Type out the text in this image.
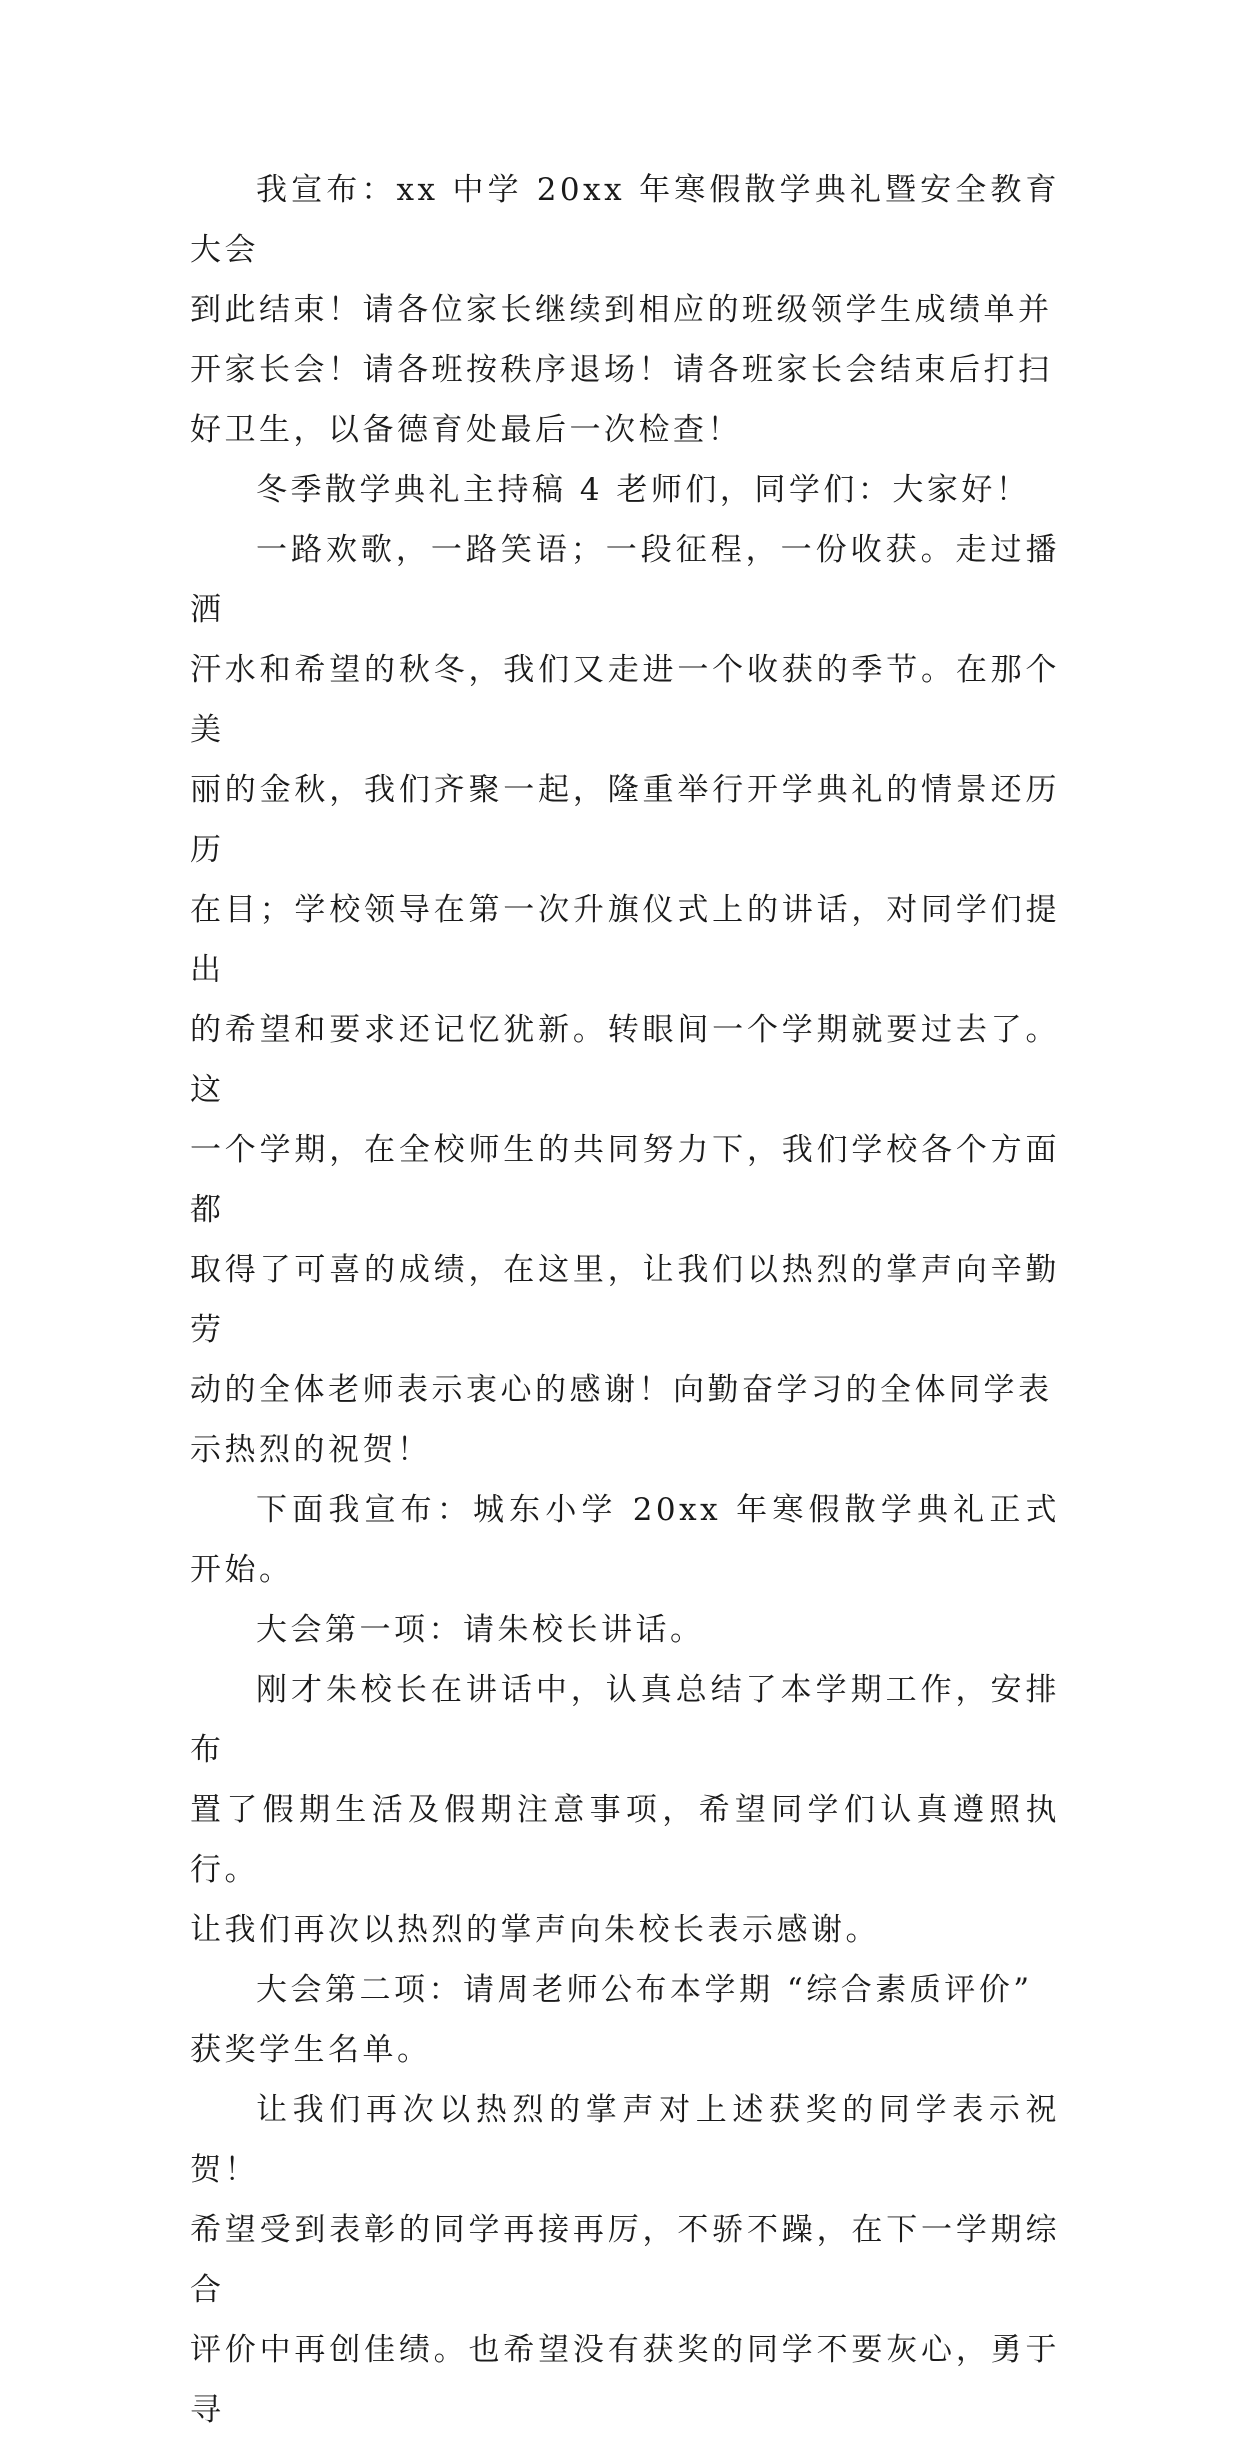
我宣布：xx 中学 20xx 年寒假散学典礼暨安全教育大会
到此结束！请各位家长继续到相应的班级领学生成绩单并
开家长会！请各班按秩序退场！请各班家长会结束后打扫
好卫生，以备德育处最后一次检查！

冬季散学典礼主持稿 4 老师们，同学们：大家好！

一路欢歌，一路笑语；一段征程，一份收获。走过播洒
汗水和希望的秋冬，我们又走进一个收获的季节。在那个美
丽的金秋，我们齐聚一起，隆重举行开学典礼的情景还历历
在目；学校领导在第一次升旗仪式上的讲话，对同学们提出
的希望和要求还记忆犹新。转眼间一个学期就要过去了。这
一个学期，在全校师生的共同努力下，我们学校各个方面都
取得了可喜的成绩，在这里，让我们以热烈的掌声向辛勤劳
动的全体老师表示衷心的感谢！向勤奋学习的全体同学表
示热烈的祝贺！

下面我宣布：城东小学 20xx 年寒假散学典礼正式开始。

大会第一项：请朱校长讲话。

刚才朱校长在讲话中，认真总结了本学期工作，安排布
置了假期生活及假期注意事项，希望同学们认真遵照执行。
让我们再次以热烈的掌声向朱校长表示感谢。

大会第二项：请周老师公布本学期 “综合素质评价”
获奖学生名单。

让我们再次以热烈的掌声对上述获奖的同学表示祝贺！
希望受到表彰的同学再接再厉，不骄不躁，在下一学期综合
评价中再创佳绩。也希望没有获奖的同学不要灰心，勇于寻
